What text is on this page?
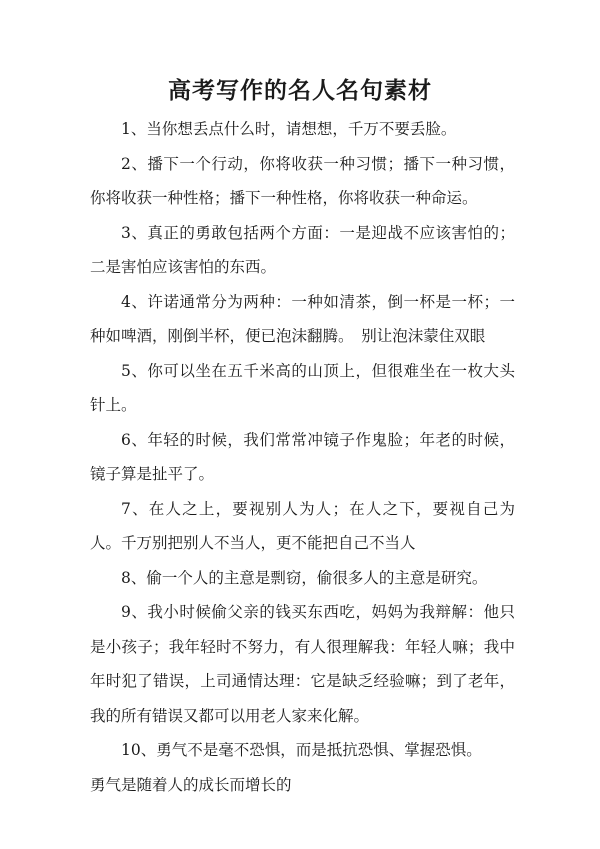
高考写作的名人名句素材

1、当你想丢点什么时，请想想，千万不要丢脸。

2、播下一个行动，你将收获一种习惯；播下一种习惯，你将收获一种性格；播下一种性格，你将收获一种命运。

3、真正的勇敢包括两个方面：一是迎战不应该害怕的；二是害怕应该害怕的东西。

4、许诺通常分为两种：一种如清茶，倒一杯是一杯；一种如啤酒，刚倒半杯，便已泡沫翻腾。　别让泡沫蒙住双眼

5、你可以坐在五千米高的山顶上，但很难坐在一枚大头针上。

6、年轻的时候，我们常常冲镜子作鬼脸；年老的时候，镜子算是扯平了。

7、在人之上，要视别人为人；在人之下，要视自己为人。千万别把别人不当人，更不能把自己不当人

8、偷一个人的主意是剽窃，偷很多人的主意是研究。

9、我小时候偷父亲的钱买东西吃，妈妈为我辩解：他只是小孩子；我年轻时不努力，有人很理解我：年轻人嘛；我中年时犯了错误，上司通情达理：它是缺乏经验嘛；到了老年，我的所有错误又都可以用老人家来化解。

10、勇气不是毫不恐惧，而是抵抗恐惧、掌握恐惧。

勇气是随着人的成长而增长的
